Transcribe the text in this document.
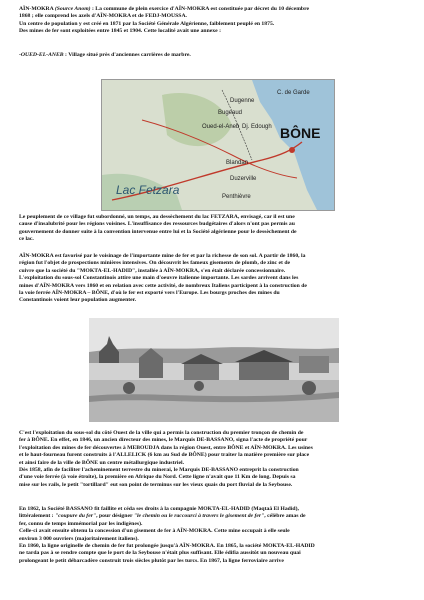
AÏN-MOKRA (Source Anom) : La commune de plein exercice d'AÏN-MOKRA est constituée par décret du 10 décembre
1868 ; elle comprend les azels d'AÏN-MOKRA et de FEDJ-MOUSSA.
Un centre de population y est créé en 1871 par la Société Générale Algérienne, faiblement peuplé en 1875.
Des mines de fer sont exploitées entre 1845 et 1904. Cette localité avait une annexe :

-OUED-EL-ANEB : Village situé près d'anciennes carrières de marbre.

C. de Garde
BÔNE
Dugenne
Bugeaud
Oued-el-Aneb Dj. Edough
Blandan
Lac Fetzara
Duzerville
Penthièvre

Le peuplement de ce village fut subordonné, un temps, au dessèchement du lac FETZARA, envisagé, car il est une
cause d'insalubrité pour les régions voisines. L'insuffisance des ressources budgétaires d'alors n'ont pas permis au
gouvernement de donner suite à la convention intervenue entre lui et la Société algérienne pour le dessèchement de
ce lac.

AÏN-MOKRA est favorisé par le voisinage de l'importante mine de fer et par la richesse de son sol. A partir de 1860, la
région fut l'objet de prospections minières intensives. On découvrit les fameux gisements de plomb, de zinc et de
cuivre que la société du "MOKTA-EL-HADID", installée à AÏN-MOKRA, s'en était déclarée concessionnaire.
L'exploitation du sous-sol Constantinois attire une main d'oeuvre italienne importante. Les sardes arrivent dans les
mines d'AÏN-MOKRA vers 1860 et en relation avec cette activité, de nombreux Italiens participent à la construction de
la voie ferrée AÏN-MOKRA – BÔNE, d'où le fer est exporté vers l'Europe. Les bourgs proches des mines du
Constantinois voient leur population augmenter.

C'est l'exploitation du sous-sol du côté Ouest de la ville qui a permis la construction du premier tronçon de chemin de
fer à BÔNE. En effet, en 1846, un ancien directeur des mines, le Marquis DE-BASSANO, signa l'acte de propriété pour
l'exploitation des mines de fer découvertes à MEBOUDJA dans la région Ouest, entre BÔNE et AÏN-MOKRA. Les usines
et le haut-fourneau furent construits à l'ALLELICK (6 km au Sud de BÔNE) pour traiter la matière première sur place
et ainsi faire de la ville de BÔNE un centre métallurgique industriel.
Dès 1858, afin de faciliter l'acheminement terrestre du minerai, le Marquis DE-BASSANO entreprit la construction
d'une voie ferrée (à voie étroite), la première en Afrique du Nord. Cette ligne n'avait que 11 Km de long. Depuis sa
mise sur les rails, le petit "tortillard" eut son point de terminus sur les vieux quais du port fluvial de la Seybouse.

En 1862, la Société BASSANO fit faillite et céda ses droits à la compagnie MOKTA-EL-HADID (Maqtaâ El Hadid),
littéralement : "coupure du fer", pour désigner "le chemin ou le raccourci à travers le gisement de fer", célèbre amas de
fer, connu de temps immémorial par les indigènes).
Celle-ci avait ensuite obtenu la concession d'un gisement de fer à AÏN-MOKRA. Cette mine occupait à elle seule
environ 3 000 ouvriers (majoritairement italiens).
En 1860, la ligne originelle de chemin de fer fut prolongée jusqu'à AÏN-MOKRA. En 1865, la société MOKTA-EL-HADID
ne tarda pas à se rendre compte que le port de la Seybouse n'était plus suffisant. Elle édifia aussitôt un nouveau quai
prolongeant le petit débarcadère construit trois siècles plutôt par les turcs. En 1867, la ligne ferroviaire arrive
